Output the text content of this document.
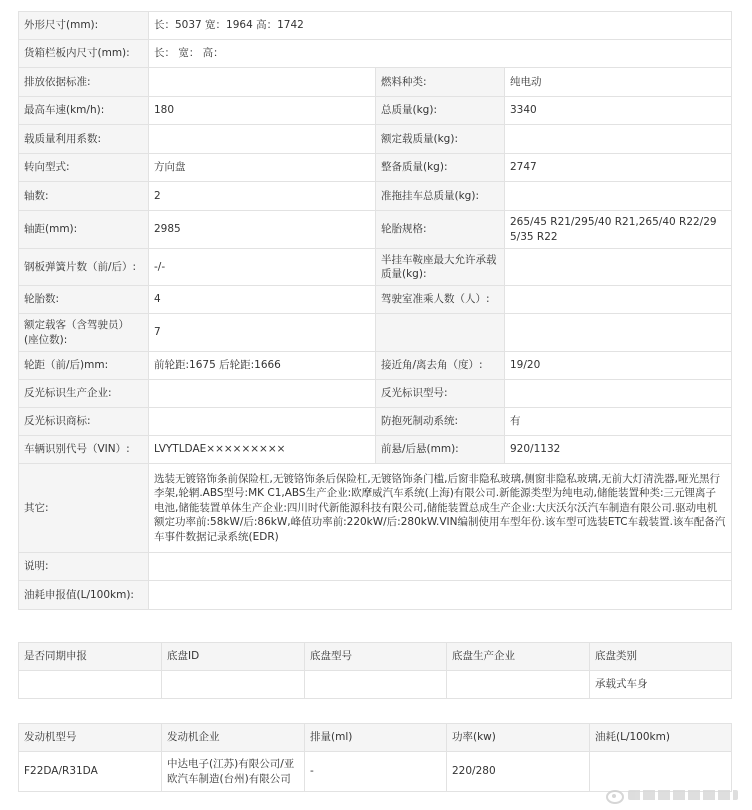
外形尺寸(mm):	长：5037 宽：1964 高：1742		
货箱栏板内尺寸(mm):	长： 宽： 高：		
排放依据标准:		燃料种类:	纯电动
最高车速(km/h):	180	总质量(kg):	3340
载质量利用系数:		额定载质量(kg):	
转向型式:	方向盘	整备质量(kg):	2747
轴数:	2	准拖挂车总质量(kg):	
轴距(mm):	2985	轮胎规格:	265/45 R21/295/40 R21,265/40 R22/295/35 R22
钢板弹簧片数（前/后）:	-/-	半挂车鞍座最大允许承载质量(kg):	
轮胎数:	4	驾驶室准乘人数（人）:	
额定载客（含驾驶员）(座位数):	7		
轮距（前/后)mm:	前轮距:1675 后轮距:1666	接近角/离去角（度）:	19/20
反光标识生产企业:		反光标识型号:	
反光标识商标:		防抱死制动系统:	有
车辆识别代号（VIN）:	LVYTLDAE×××××××××	前悬/后悬(mm):	920/1132
其它:	选装无镀铬饰条前保险杠,无镀铬饰条后保险杠,无镀铬饰条门槛,后窗非隐私玻璃,侧窗非隐私玻璃,无前大灯清洗器,哑光黑行李架,轮辋.ABS型号:MK C1,ABS生产企业:欧摩威汽车系统(上海)有限公司.新能源类型为纯电动,储能装置种类:三元锂离子电池,储能装置单体生产企业:四川时代新能源科技有限公司,储能装置总成生产企业:大庆沃尔沃汽车制造有限公司.驱动电机额定功率前:58kW/后:86kW,峰值功率前:220kW/后:280kW.VIN编制使用车型年份.该车型可选装ETC车载装置.该车配备汽车事件数据记录系统(EDR)		
说明:			
油耗申报值(L/100km):			
是否同期申报	底盘ID	底盘型号	底盘生产企业	底盘类别
				承载式车身
发动机型号	发动机企业	排量(ml)	功率(kw)	油耗(L/100km)
F22DA/R31DA	中达电子(江苏)有限公司/亚欧汽车制造(台州)有限公司	-	220/280	
